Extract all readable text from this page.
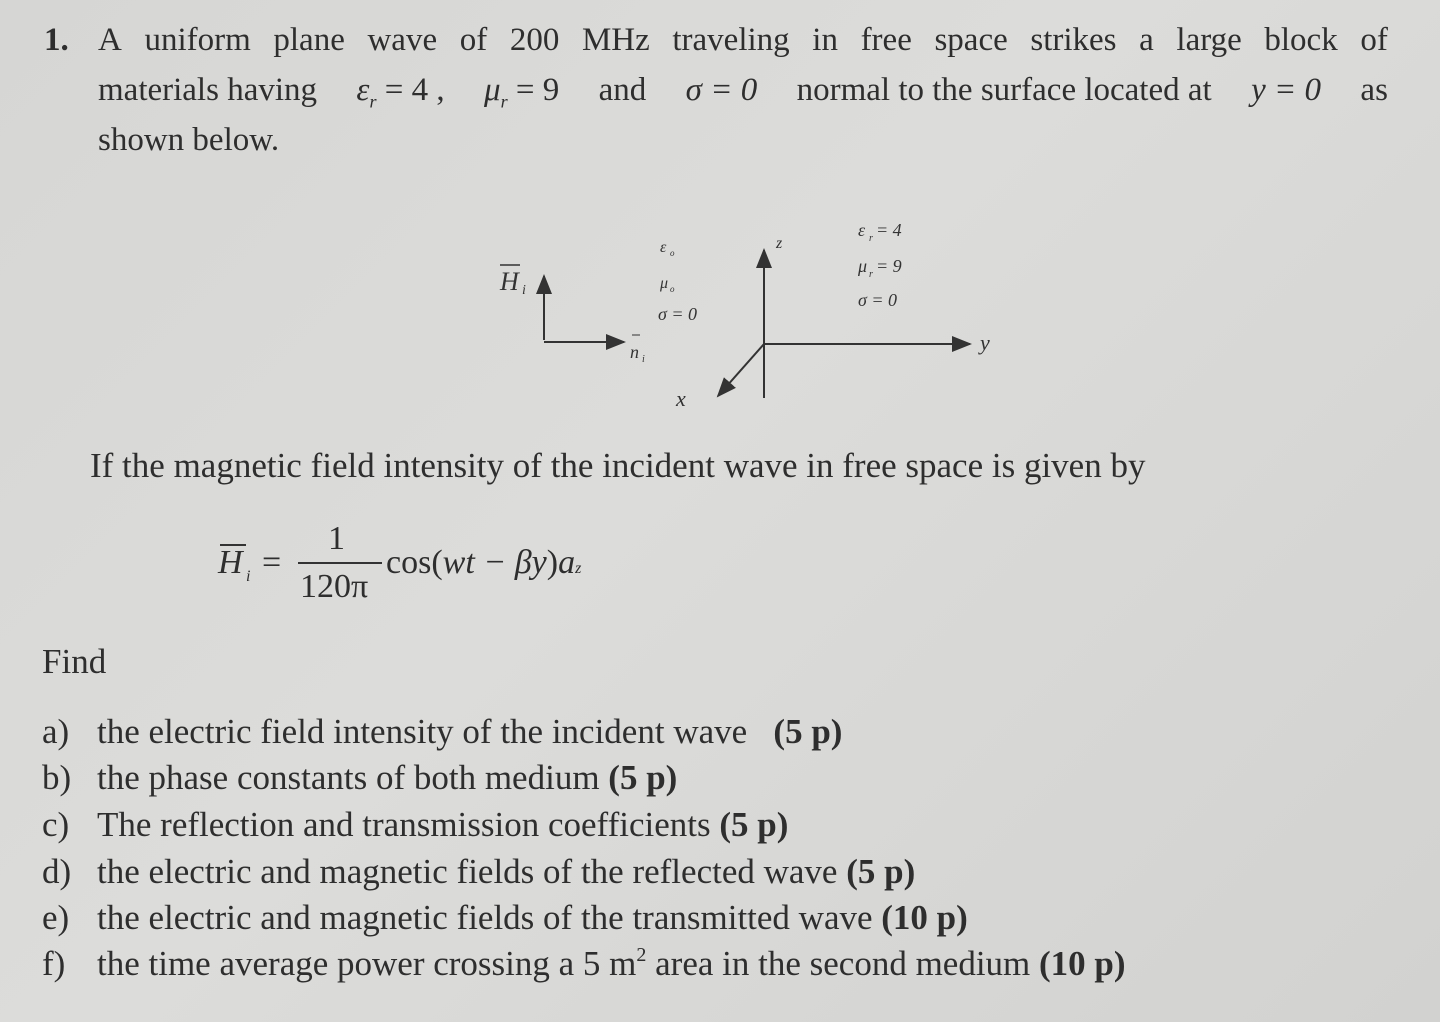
1. A uniform plane wave of 200 MHz traveling in free space strikes a large block of
materials having $\varepsilon_r = 4$ , $\mu_r = 9$ and σ = 0 normal to the surface located at y = 0 as
shown below.
H i
n i
ε o
μ o
σ = 0
ε r = 4
μ r = 9
σ = 0
z
y
x
If the magnetic field intensity of the incident wave in free space is given by
H i =
1
120π
cos(wt − βy)az
Find
a) the electric field intensity of the incident wave (5 p)
b) the phase constants of both medium (5 p)
c) The reflection and transmission coefficients (5 p)
d) the electric and magnetic fields of the reflected wave (5 p)
e) the electric and magnetic fields of the transmitted wave (10 p)
f) the time average power crossing a 5 $m^2$ area in the second medium (10 p)
